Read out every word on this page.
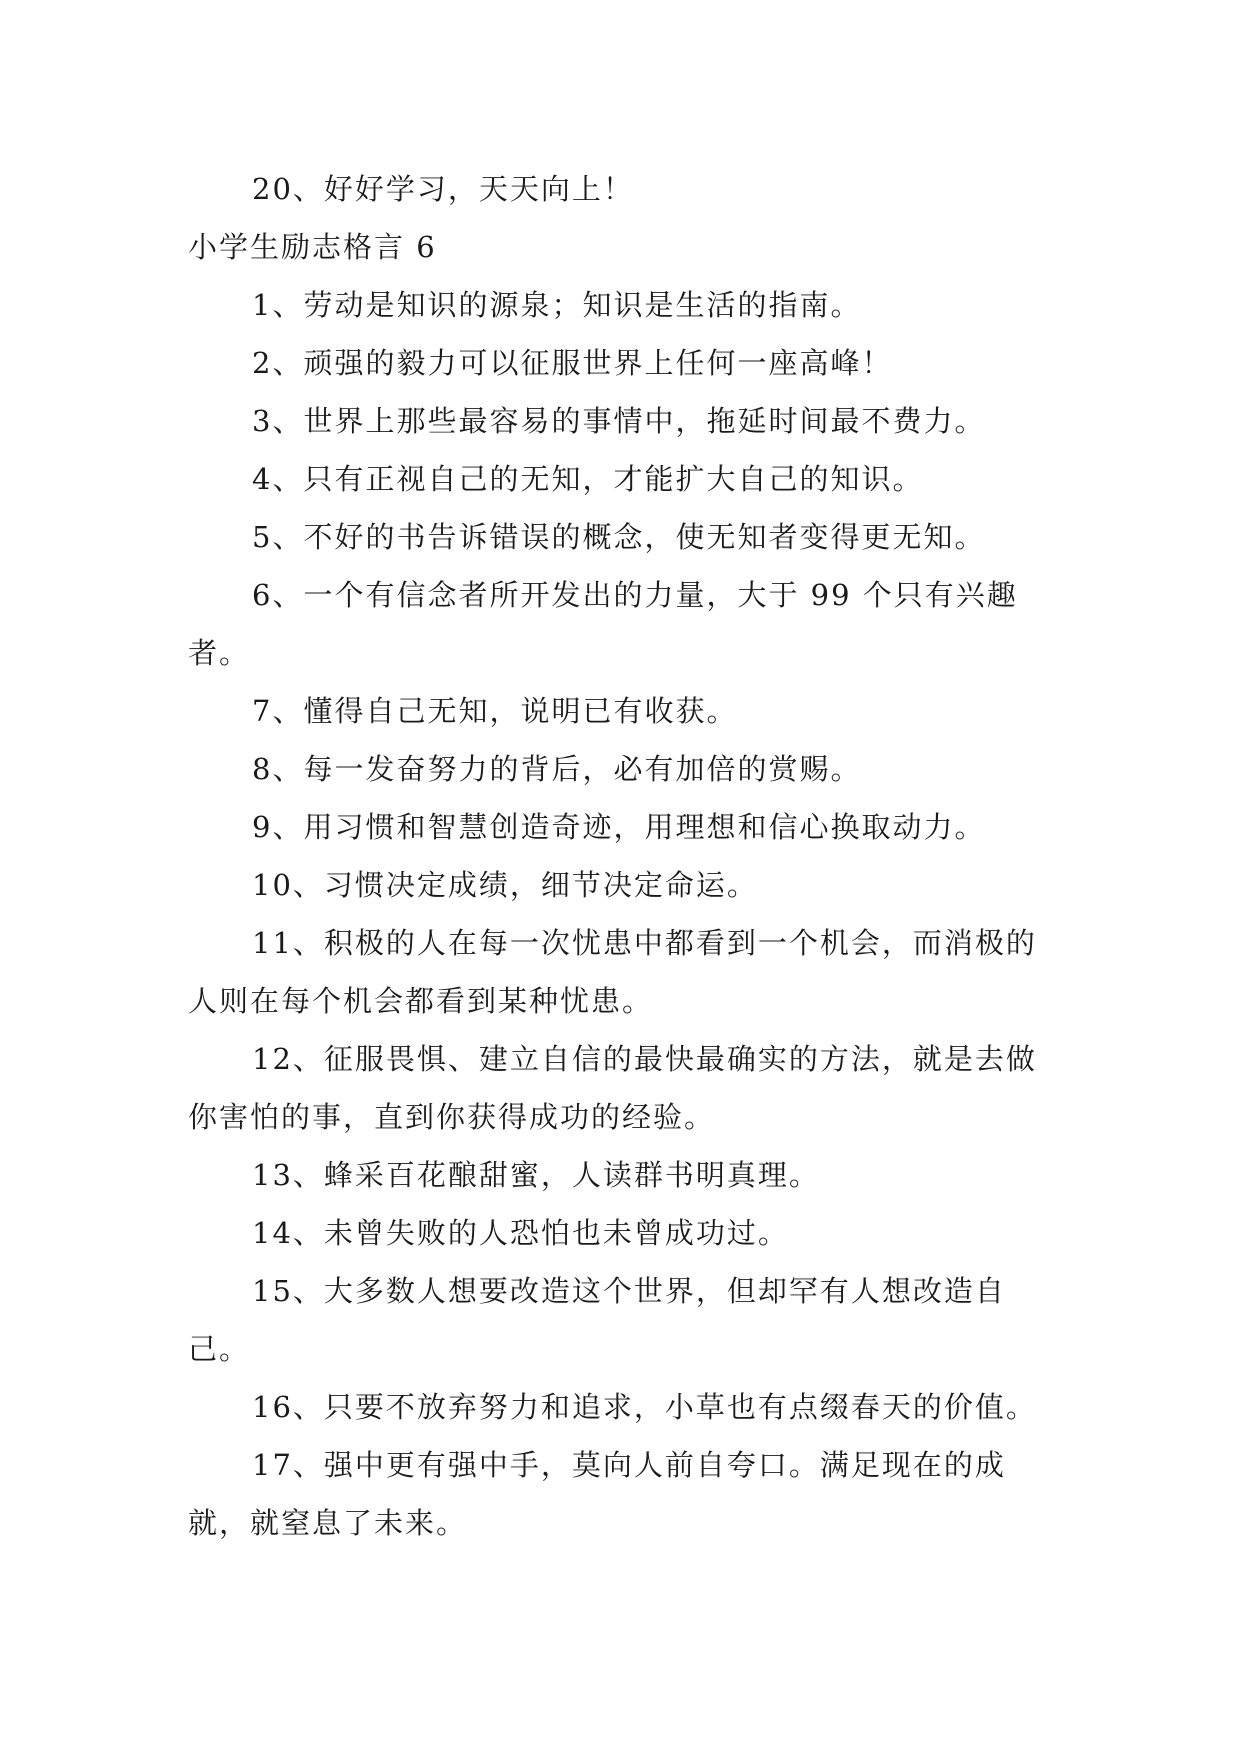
20、好好学习，天天向上！

小学生励志格言 6

1、劳动是知识的源泉；知识是生活的指南。

2、顽强的毅力可以征服世界上任何一座高峰！

3、世界上那些最容易的事情中，拖延时间最不费力。

4、只有正视自己的无知，才能扩大自己的知识。

5、不好的书告诉错误的概念，使无知者变得更无知。

6、一个有信念者所开发出的力量，大于 99 个只有兴趣者。

7、懂得自己无知，说明已有收获。

8、每一发奋努力的背后，必有加倍的赏赐。

9、用习惯和智慧创造奇迹，用理想和信心换取动力。

10、习惯决定成绩，细节决定命运。

11、积极的人在每一次忧患中都看到一个机会，而消极的人则在每个机会都看到某种忧患。

12、征服畏惧、建立自信的最快最确实的方法，就是去做你害怕的事，直到你获得成功的经验。

13、蜂采百花酿甜蜜，人读群书明真理。

14、未曾失败的人恐怕也未曾成功过。

15、大多数人想要改造这个世界，但却罕有人想改造自己。

16、只要不放弃努力和追求，小草也有点缀春天的价值。

17、强中更有强中手，莫向人前自夸口。满足现在的成就，就窒息了未来。
